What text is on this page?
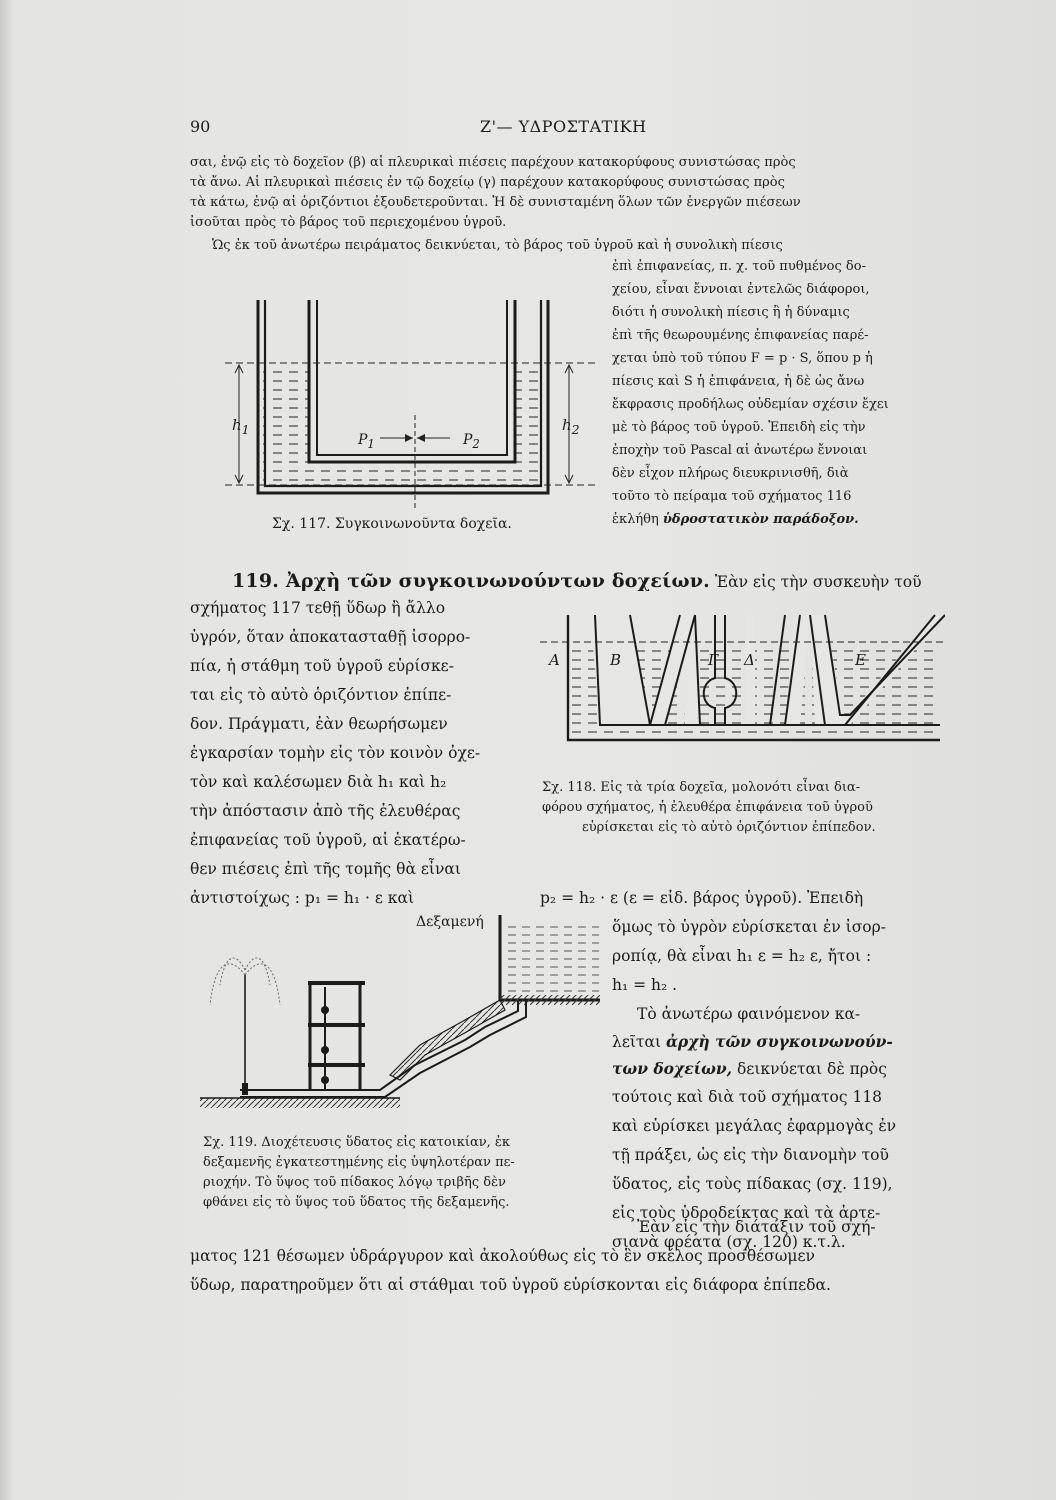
90	Ζ'— ΥΔΡΟΣΤΑΤΙΚΗ
σαι, ἐνῷ εἰς τὸ δοχεῖον (β) αἱ πλευρικαὶ πιέσεις παρέχουν κατακορύφους συνιστώσας πρὸς
τὰ ἄνω. Αἱ πλευρικαὶ πιέσεις ἐν τῷ δοχείῳ (γ) παρέχουν κατακορύφους συνιστώσας πρὸς
τὰ κάτω, ἐνῷ αἱ ὁριζόντιοι ἐξουδετεροῦνται. Ἡ δὲ συνισταμένη ὅλων τῶν ἐνεργῶν πιέσεων
ἰσοῦται πρὸς τὸ βάρος τοῦ περιεχομένου ὑγροῦ.
Ὡς ἐκ τοῦ ἀνωτέρω πειράματος δεικνύεται, τὸ βάρος τοῦ ὑγροῦ καὶ ἡ συνολικὴ πίεσις
ἐπὶ ἐπιφανείας, π. χ. τοῦ πυθμένος δο-
χείου, εἶναι ἔννοιαι ἐντελῶς διάφοροι,
διότι ἡ συνολικὴ πίεσις ἢ ἡ δύναμις
ἐπὶ τῆς θεωρουμένης ἐπιφανείας παρέ-
χεται ὑπὸ τοῦ τύπου F = p · S, ὅπου p ἡ
πίεσις καὶ S ἡ ἐπιφάνεια, ἡ δὲ ὡς ἄνω
ἔκφρασις προδήλως οὐδεμίαν σχέσιν ἔχει
μὲ τὸ βάρος τοῦ ὑγροῦ. Ἐπειδὴ εἰς τὴν
ἐποχὴν τοῦ Pascal αἱ ἀνωτέρω ἔννοιαι
δὲν εἶχον πλήρως διευκρινισθῆ, διὰ
τοῦτο τὸ πείραμα τοῦ σχήματος 116
ἐκλήθη ὑδροστατικὸν παράδοξον.
$h_1$	$h_2$
$P_1$	$P_2$
Σχ. 117. Συγκοινωνοῦντα δοχεῖα.
119. Ἀρχὴ τῶν συγκοινωνούντων δοχείων. Ἐὰν εἰς τὴν συσκευὴν τοῦ
σχήματος 117 τεθῇ ὕδωρ ἢ ἄλλο
ὑγρόν, ὅταν ἀποκατασταθῇ ἰσορρο-
πία, ἡ στάθμη τοῦ ὑγροῦ εὑρίσκε-
ται εἰς τὸ αὐτὸ ὁριζόντιον ἐπίπε-
δον. Πράγματι, ἐὰν θεωρήσωμεν
ἐγκαρσίαν τομὴν εἰς τὸν κοινὸν ὀχε-
τὸν καὶ καλέσωμεν διὰ h₁ καὶ h₂
τὴν ἀπόστασιν ἀπὸ τῆς ἐλευθέρας
ἐπιφανείας τοῦ ὑγροῦ, αἱ ἑκατέρω-
θεν πιέσεις ἐπὶ τῆς τομῆς θὰ εἶναι
ἀντιστοίχως : p₁ = h₁ · ε καὶ	p₂ = h₂ · ε (ε = εἰδ. βάρος ὑγροῦ). Ἐπειδὴ
Α	Β	Γ Δ	Ε
Σχ. 118. Εἰς τὰ τρία δοχεῖα, μολονότι εἶναι δια-
φόρου σχήματος, ἡ ἐλευθέρα ἐπιφάνεια τοῦ ὑγροῦ
εὑρίσκεται εἰς τὸ αὐτὸ ὁριζόντιον ἐπίπεδον.
ὅμως τὸ ὑγρὸν εὑρίσκεται ἐν ἰσορ-
ροπίᾳ, θὰ εἶναι h₁ ε = h₂ ε, ἤτοι :
h₁ = h₂ .
Τὸ ἀνωτέρω φαινόμενον κα-
λεῖται ἀρχὴ τῶν συγκοινωνούν-
των δοχείων, δεικνύεται δὲ πρὸς
τούτοις καὶ διὰ τοῦ σχήματος 118
καὶ εὑρίσκει μεγάλας ἐφαρμογὰς ἐν
τῇ πράξει, ὡς εἰς τὴν διανομὴν τοῦ
ὕδατος, εἰς τοὺς πίδακας (σχ. 119),
εἰς τοὺς ὑδροδείκτας καὶ τὰ ἀρτε-
σιανὰ φρέατα (σχ. 120) κ.τ.λ.
Δεξαμενή
Σχ. 119. Διοχέτευσις ὕδατος εἰς κατοικίαν, ἐκ
δεξαμενῆς ἐγκατεστημένης εἰς ὑψηλοτέραν πε-
ριοχήν. Τὸ ὕψος τοῦ πίδακος λόγῳ τριβῆς δὲν
φθάνει εἰς τὸ ὕψος τοῦ ὕδατος τῆς δεξαμενῆς.
Ἐὰν εἰς τὴν διάταξιν τοῦ σχή-
ματος 121 θέσωμεν ὑδράργυρον καὶ ἀκολούθως εἰς τὸ ἓν σκέλος προσθέσωμεν
ὕδωρ, παρατηροῦμεν ὅτι αἱ στάθμαι τοῦ ὑγροῦ εὑρίσκονται εἰς διάφορα ἐπίπεδα.
